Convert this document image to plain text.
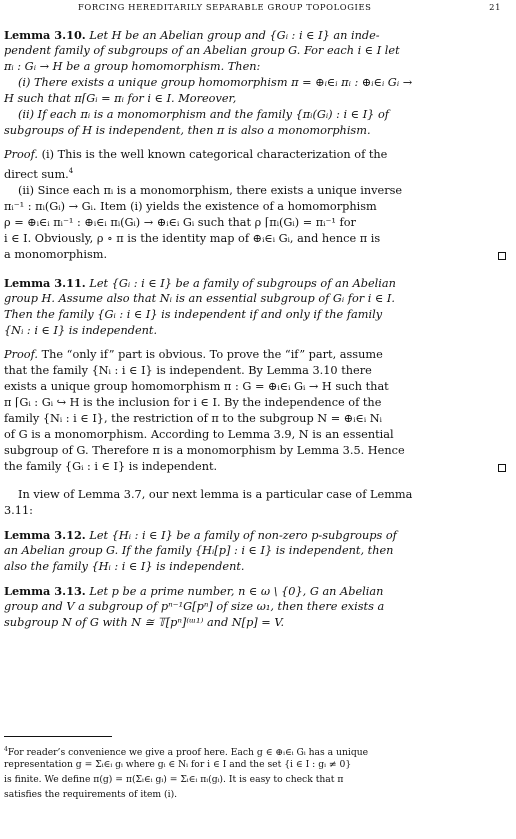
FORCING HEREDITARILY SEPARABLE GROUP TOPOLOGIES	21
Lemma 3.10. Let H be an Abelian group and {Gᵢ : i ∈ I} an inde-
pendent family of subgroups of an Abelian group G. For each i ∈ I let
πᵢ : Gᵢ → H be a group homomorphism. Then:
(i) There exists a unique group homomorphism π = ⊕ᵢ∈ᵢ πᵢ : ⊕ᵢ∈ᵢ Gᵢ →
H such that π⌈Gᵢ = πᵢ for i ∈ I. Moreover,
(ii) If each πᵢ is a monomorphism and the family {πᵢ(Gᵢ) : i ∈ I} of
subgroups of H is independent, then π is also a monomorphism.
Proof. (i) This is the well known categorical characterization of the
direct sum.$^4$
(ii) Since each πᵢ is a monomorphism, there exists a unique inverse
πᵢ⁻¹ : πᵢ(Gᵢ) → Gᵢ. Item (i) yields the existence of a homomorphism
ρ = ⊕ᵢ∈ᵢ πᵢ⁻¹ : ⊕ᵢ∈ᵢ πᵢ(Gᵢ) → ⊕ᵢ∈ᵢ Gᵢ such that ρ ⌈πᵢ(Gᵢ) = πᵢ⁻¹ for
i ∈ I. Obviously, ρ ∘ π is the identity map of ⊕ᵢ∈ᵢ Gᵢ, and hence π is
a monomorphism.
Lemma 3.11. Let {Gᵢ : i ∈ I} be a family of subgroups of an Abelian
group H. Assume also that Nᵢ is an essential subgroup of Gᵢ for i ∈ I.
Then the family {Gᵢ : i ∈ I} is independent if and only if the family
{Nᵢ : i ∈ I} is independent.
Proof. The “only if” part is obvious. To prove the “if” part, assume
that the family {Nᵢ : i ∈ I} is independent. By Lemma 3.10 there
exists a unique group homomorphism π : G = ⊕ᵢ∈ᵢ Gᵢ → H such that
π ⌈Gᵢ : Gᵢ ↪ H is the inclusion for i ∈ I. By the independence of the
family {Nᵢ : i ∈ I}, the restriction of π to the subgroup N = ⊕ᵢ∈ᵢ Nᵢ
of G is a monomorphism. According to Lemma 3.9, N is an essential
subgroup of G. Therefore π is a monomorphism by Lemma 3.5. Hence
the family {Gᵢ : i ∈ I} is independent.
In view of Lemma 3.7, our next lemma is a particular case of Lemma
3.11:
Lemma 3.12. Let {Hᵢ : i ∈ I} be a family of non-zero p-subgroups of
an Abelian group G. If the family {Hᵢ[p] : i ∈ I} is independent, then
also the family {Hᵢ : i ∈ I} is independent.
Lemma 3.13. Let p be a prime number, n ∈ ω \ {0}, G an Abelian
group and V a subgroup of pⁿ⁻¹G[pⁿ] of size ω₁, then there exists a
subgroup N of G with N ≅ 𝕋[pⁿ]⁽ᵚ¹⁾ and N[p] = V.
$^4$For reader’s convenience we give a proof here. Each g ∈ ⊕ᵢ∈ᵢ Gᵢ has a unique
representation g = Σᵢ∈ᵢ gᵢ where gᵢ ∈ Nᵢ for i ∈ I and the set {i ∈ I : gᵢ ≠ 0}
is finite. We define π(g) = π(Σᵢ∈ᵢ gᵢ) = Σᵢ∈ᵢ πᵢ(gᵢ). It is easy to check that π
satisfies the requirements of item (i).
